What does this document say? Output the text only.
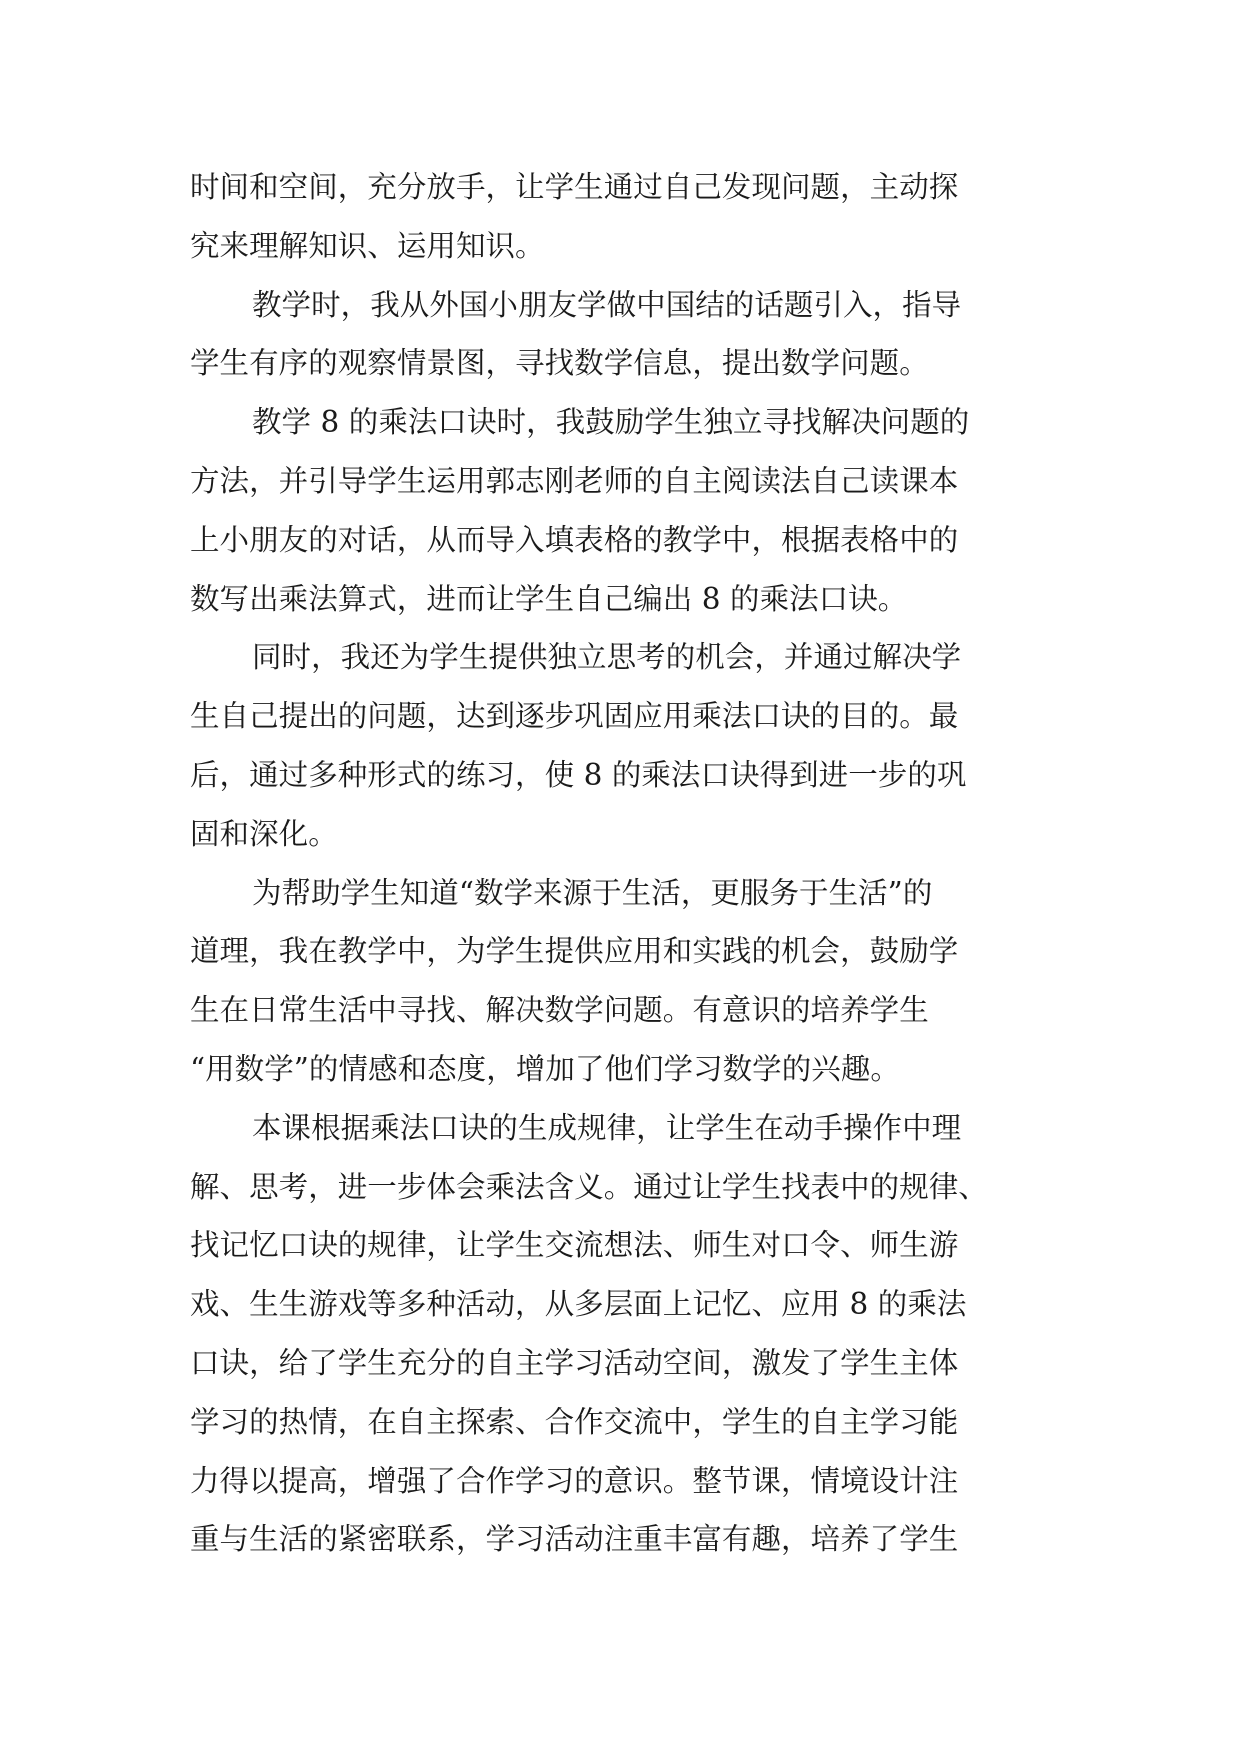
时间和空间，充分放手，让学生通过自己发现问题，主动探
究来理解知识、运用知识。
教学时，我从外国小朋友学做中国结的话题引入，指导
学生有序的观察情景图，寻找数学信息，提出数学问题。
教学 8 的乘法口诀时，我鼓励学生独立寻找解决问题的
方法，并引导学生运用郭志刚老师的自主阅读法自己读课本
上小朋友的对话，从而导入填表格的教学中，根据表格中的
数写出乘法算式，进而让学生自己编出 8 的乘法口诀。
同时，我还为学生提供独立思考的机会，并通过解决学
生自己提出的问题，达到逐步巩固应用乘法口诀的目的。最
后，通过多种形式的练习，使 8 的乘法口诀得到进一步的巩
固和深化。
为帮助学生知道“数学来源于生活，更服务于生活”的
道理，我在教学中，为学生提供应用和实践的机会，鼓励学
生在日常生活中寻找、解决数学问题。有意识的培养学生
“用数学”的情感和态度，增加了他们学习数学的兴趣。
本课根据乘法口诀的生成规律，让学生在动手操作中理
解、思考，进一步体会乘法含义。通过让学生找表中的规律、
找记忆口诀的规律，让学生交流想法、师生对口令、师生游
戏、生生游戏等多种活动，从多层面上记忆、应用 8 的乘法
口诀，给了学生充分的自主学习活动空间，激发了学生主体
学习的热情，在自主探索、合作交流中，学生的自主学习能
力得以提高，增强了合作学习的意识。整节课，情境设计注
重与生活的紧密联系，学习活动注重丰富有趣，培养了学生
